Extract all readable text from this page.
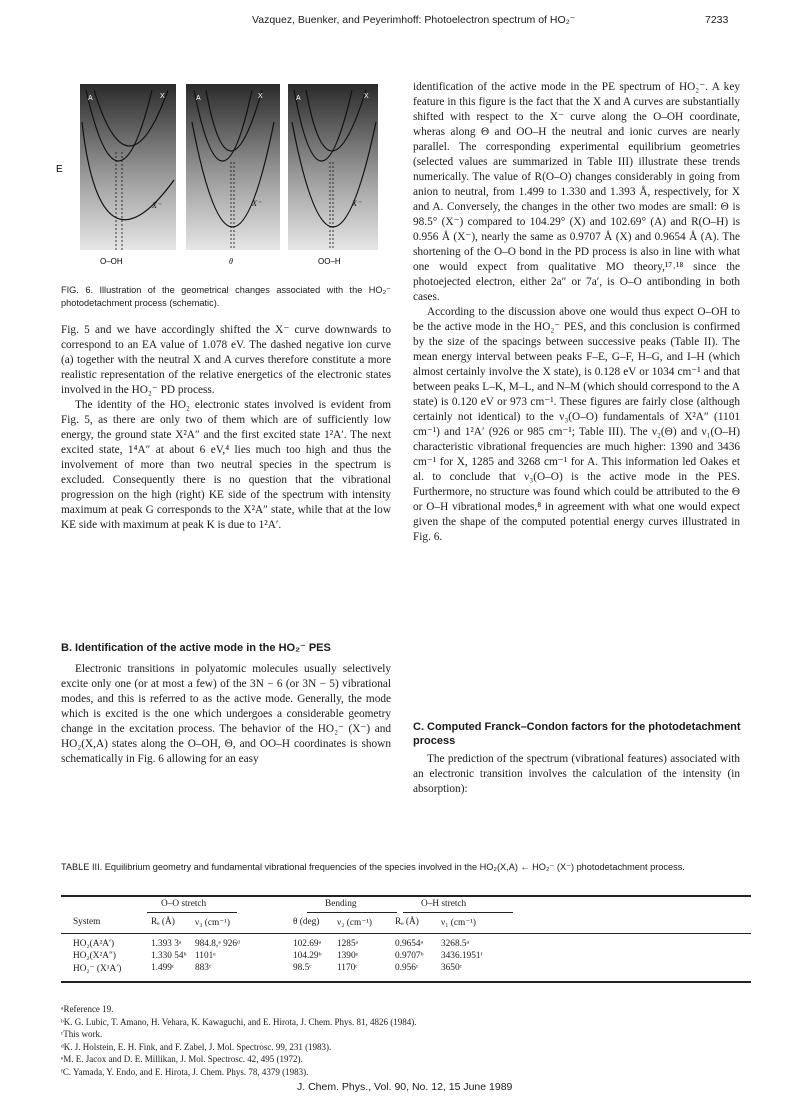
Vazquez, Buenker, and Peyerimhoff: Photoelectron spectrum of HO₂⁻	7233
E
A	X
X⁻
O–OH
A	X
X⁻
θ
A	X
X⁻
OO–H
FIG. 6. Illustration of the geometrical changes associated with the HO₂⁻ photodetachment process (schematic).

Fig. 5 and we have accordingly shifted the X⁻ curve downwards to correspond to an EA value of 1.078 eV. The dashed negative ion curve (a) together with the neutral X and A curves therefore constitute a more realistic representation of the relative energetics of the electronic states involved in the HO₂⁻ PD process.

The identity of the HO₂ electronic states involved is evident from Fig. 5, as there are only two of them which are of sufficiently low energy, the ground state X²A″ and the first excited state 1²A′. The next excited state, 1⁴A″ at about 6 eV,⁴ lies much too high and thus the involvement of more than two neutral species in the spectrum is excluded. Consequently there is no question that the vibrational progression on the high (right) KE side of the spectrum with intensity maximum at peak G corresponds to the X²A″ state, while that at the low KE side with maximum at peak K is due to 1²A′.

B. Identification of the active mode in the HO₂⁻ PES

Electronic transitions in polyatomic molecules usually selectively excite only one (or at most a few) of the 3N − 6 (or 3N − 5) vibrational modes, and this is referred to as the active mode. Generally, the mode which is excited is the one which undergoes a considerable geometry change in the excitation process. The behavior of the HO₂⁻ (X⁻) and HO₂(X,A) states along the O–OH, Θ, and OO–H coordinates is shown schematically in Fig. 6 allowing for an easy

identification of the active mode in the PE spectrum of HO₂⁻. A key feature in this figure is the fact that the X and A curves are substantially shifted with respect to the X⁻ curve along the O–OH coordinate, wheras along Θ and OO–H the neutral and ionic curves are nearly parallel. The corresponding experimental equilibrium geometries (selected values are summarized in Table III) illustrate these trends numerically. The value of R(O–O) changes considerably in going from anion to neutral, from 1.499 to 1.330 and 1.393 Å, respectively, for X and A. Conversely, the changes in the other two modes are small: Θ is 98.5° (X⁻) compared to 104.29° (X) and 102.69° (A) and R(O–H) is 0.956 Å (X⁻), nearly the same as 0.9707 Å (X) and 0.9654 Å (A). The shortening of the O–O bond in the PD process is also in line with what one would expect from qualitative MO theory,¹⁷˒¹⁸ since the photoejected electron, either 2a″ or 7a′, is O–O antibonding in both cases.

According to the discussion above one would thus expect O–OH to be the active mode in the HO₂⁻ PES, and this conclusion is confirmed by the size of the spacings between successive peaks (Table II). The mean energy interval between peaks F–E, G–F, H–G, and I–H (which almost certainly involve the X state), is 0.128 eV or 1034 cm⁻¹ and that between peaks L–K, M–L, and N–M (which should correspond to the A state) is 0.120 eV or 973 cm⁻¹. These figures are fairly close (although certainly not identical) to the ν₃(O–O) fundamentals of X²A″ (1101 cm⁻¹) and 1²A′ (926 or 985 cm⁻¹; Table III). The ν₂(Θ) and ν₁(O–H) characteristic vibrational frequencies are much higher: 1390 and 3436 cm⁻¹ for X, 1285 and 3268 cm⁻¹ for A. This information led Oakes et al. to conclude that ν₃(O–O) is the active mode in the PES. Furthermore, no structure was found which could be attributed to the Θ or O–H vibrational modes,⁸ in agreement with what one would expect given the shape of the computed potential energy curves illustrated in Fig. 6.

C. Computed Franck–Condon factors for the photodetachment process

The prediction of the spectrum (vibrational features) associated with an electronic transition involves the calculation of the intensity (in absorption):

TABLE III. Equilibrium geometry and fundamental vibrational frequencies of the species involved in the HO₂(X,A) ← HO₂⁻ (X⁻) photodetachment process.
O–O stretch	Bending	O–H stretch
System	Rₑ (Å) ν₃ (cm⁻¹)	θ (deg) ν₂ (cm⁻¹) Rₑ (Å) ν₁ (cm⁻¹)
HO₂(A²A′)	1.393 3ᵃ 984.8,ᵃ 926ᵈ	102.69ᵃ 1285ᵃ	0.9654ᵃ 3268.5ᵃ
HO₂(X²A″)	1.330 54ᵇ 1101ᵉ	104.29ᵇ 1390ᵉ	0.9707ᵇ 3436.1951ᶠ
HO₂⁻ (X¹A′)	1.499ᶜ 883ᶜ	98.5ᶜ	1170ᶜ	0.956ᶜ 3650ᶜ
ᵃReference 19.
ᵇK. G. Lubic, T. Amano, H. Vehara, K. Kawaguchi, and E. Hirota, J. Chem. Phys. 81, 4826 (1984).
ᶜThis work.
ᵈK. J. Holstein, E. H. Fink, and F. Zabel, J. Mol. Spectrosc. 99, 231 (1983).
ᵉM. E. Jacox and D. E. Millikan, J. Mol. Spectrosc. 42, 495 (1972).
ᶠC. Yamada, Y. Endo, and E. Hirota, J. Chem. Phys. 78, 4379 (1983).
J. Chem. Phys., Vol. 90, No. 12, 15 June 1989
